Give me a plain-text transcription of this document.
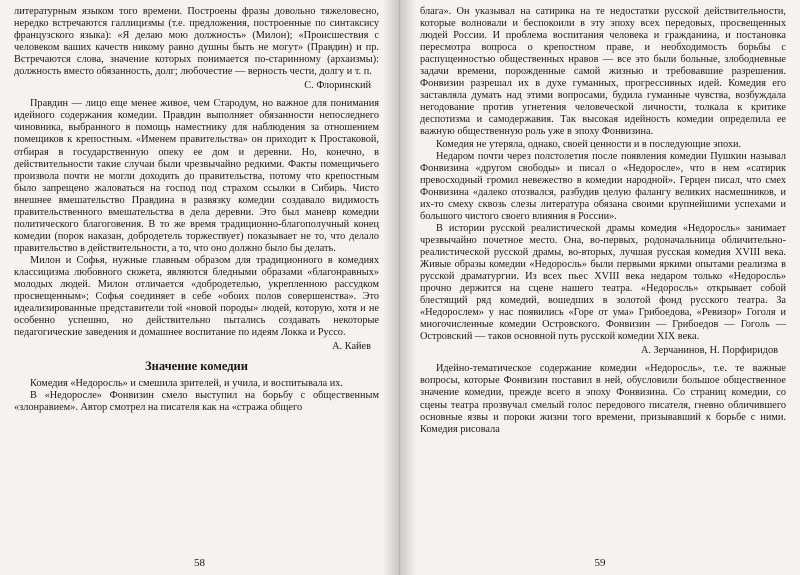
литературным языком того времени. Построены фразы довольно тяжеловесно, нередко встречаются галлицизмы (т.е. предложения, построенные по синтаксису французского языка): «Я делаю мою должность» (Милон); «Происшествия с человеком ваших качеств никому равно душны быть не могут» (Правдин) и пр. Встречаются слова, значение которых понимается по-старинному (архаизмы): должность вместо обязанность, долг; любочестие — верность чести, долгу и т. п.

С. Флоринский

Правдин — лицо еще менее живое, чем Стародум, но важное для понимания идейного содержания комедии. Правдин выполняет обязанности непоследнего чиновника, выбранного в помощь наместнику для наблюдения за отношением помещиков к крепостным. «Именем правительства» он приходит к Простаковой, отбирая в государственную опеку ее дом и деревни. Но, конечно, в действительности такие случаи были чрезвычайно редкими. Факты помещичьего произвола почти не могли доходить до правительства, потому что крепостным было запрещено жаловаться на господ под страхом ссылки в Сибирь. Чисто внешнее вмешательство Правдина в развязку комедии создавало видимость правительственного вмешательства в дела деревни. Это был маневр комедии политического благоговения. В то же время традиционно-благополучный конец комедии (порок наказан, добродетель торжествует) показывает не то, что делало правительство в действительности, а то, что оно должно было бы делать.

Милон и Софья, нужные главным образом для традиционного в комедиях классицизма любовного сюжета, являются бледными образами «благонравных» молодых людей. Милон отличается «добродетелью, укрепленною рассудком просвещенным»; Софья соединяет в себе «обоих полов совершенства». Это идеализированные представители той «новой породы» людей, которую, хотя и не особенно успешно, но действительно пытались создавать некоторые педагогические заведения и домашнее воспитание по идеям Локка и Руссо.

А. Кайев
Значение комедии

Комедия «Недоросль» и смешила зрителей, и учила, и воспитывала их.

В «Недоросле» Фонвизин смело выступил на борьбу с общественным «злонравием». Автор смотрел на писателя как на «стража общего

58

блага». Он указывал на сатирика на те недостатки русской действительности, которые волновали и беспокоили в эту эпоху всех передовых, просвещенных людей России. И проблема воспитания человека и гражданина, и постановка пересмотра вопроса о крепостном праве, и необходимость борьбы с распущенностью общественных нравов — все это были больные, злободневные задачи времени, порожденные самой жизнью и требовавшие разрешения. Фонвизин разрешал их в духе гуманных, прогрессивных идей. Комедия его заставляла думать над этими вопросами, будила гуманные чувства, возбуждала негодование против угнетения человеческой личности, толкала к критике деспотизма и самодержавия. Так высокая идейность комедии определила ее важную общественную роль уже в эпоху Фонвизина.

Комедия не утеряла, однако, своей ценности и в последующие эпохи.

Недаром почти через полстолетия после появления комедии Пушкин называл Фонвизина «другом свободы» и писал о «Недоросле», что в нем «сатирик превосходный громил невежество в комедии народной». Герцен писал, что смех Фонвизина «далеко отозвался, разбудив целую фалангу великих насмешников, и их-то смеху сквозь слезы литература обязана своими крупнейшими успехами и большого чистого своего влияния в России».

В истории русской реалистической драмы комедия «Недоросль» занимает чрезвычайно почетное место. Она, во-первых, родоначальница обличительно-реалистической русской драмы, во-вторых, лучшая русская комедия XVIII века. Живые образы комедии «Недоросль» были первыми яркими опытами реализма в русской драматургии. Из всех пьес XVIII века недаром только «Недоросль» прочно держится на сцене нашего театра. «Недоросль» открывает собой блестящий ряд комедий, вошедших в золотой фонд русского театра. За «Недорослем» у нас появились «Горе от ума» Грибоедова, «Ревизор» Гоголя и многочисленные комедии Островского. Фонвизин — Грибоедов — Гоголь — Островский — таков основной путь русской комедии XIX века.

А. Зерчанинов, Н. Порфиридов

Идейно-тематическое содержание комедии «Недоросль», т.е. те важные вопросы, которые Фонвизин поставил в ней, обусловили большое общественное значение комедии, прежде всего в эпоху Фонвизина. Со страниц комедии, со сцены театра прозвучал смелый голос передового писателя, гневно обличившего основные язвы и пороки жизни того времени, призывавший к борьбе с ними. Комедия рисовала

59
